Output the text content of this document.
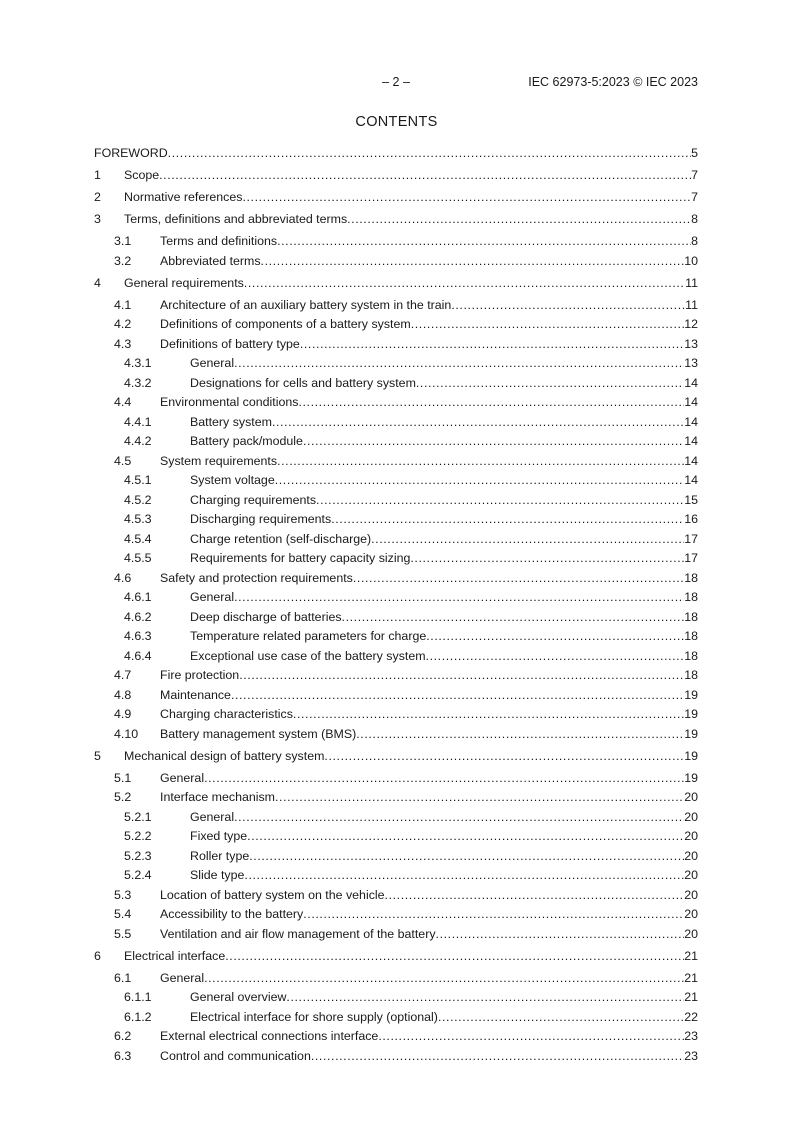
– 2 –	IEC 62973-5:2023 © IEC 2023
CONTENTS
FOREWORD .....	5
1	Scope .....	7
2	Normative references .....	7
3	Terms, definitions and abbreviated terms .....	8
3.1	Terms and definitions .....	8
3.2	Abbreviated terms .....	10
4	General requirements .....	11
4.1	Architecture of an auxiliary battery system in the train .....	11
4.2	Definitions of components of a battery system .....	12
4.3	Definitions of battery type .....	13
4.3.1	General .....	13
4.3.2	Designations for cells and battery system .....	14
4.4	Environmental conditions .....	14
4.4.1	Battery system .....	14
4.4.2	Battery pack/module .....	14
4.5	System requirements .....	14
4.5.1	System voltage .....	14
4.5.2	Charging requirements .....	15
4.5.3	Discharging requirements .....	16
4.5.4	Charge retention (self-discharge) .....	17
4.5.5	Requirements for battery capacity sizing .....	17
4.6	Safety and protection requirements .....	18
4.6.1	General .....	18
4.6.2	Deep discharge of batteries .....	18
4.6.3	Temperature related parameters for charge .....	18
4.6.4	Exceptional use case of the battery system .....	18
4.7	Fire protection .....	18
4.8	Maintenance .....	19
4.9	Charging characteristics .....	19
4.10	Battery management system (BMS) .....	19
5	Mechanical design of battery system .....	19
5.1	General .....	19
5.2	Interface mechanism .....	20
5.2.1	General .....	20
5.2.2	Fixed type .....	20
5.2.3	Roller type .....	20
5.2.4	Slide type .....	20
5.3	Location of battery system on the vehicle .....	20
5.4	Accessibility to the battery .....	20
5.5	Ventilation and air flow management of the battery .....	20
6	Electrical interface .....	21
6.1	General .....	21
6.1.1	General overview .....	21
6.1.2	Electrical interface for shore supply (optional) .....	22
6.2	External electrical connections interface .....	23
6.3	Control and communication .....	23
